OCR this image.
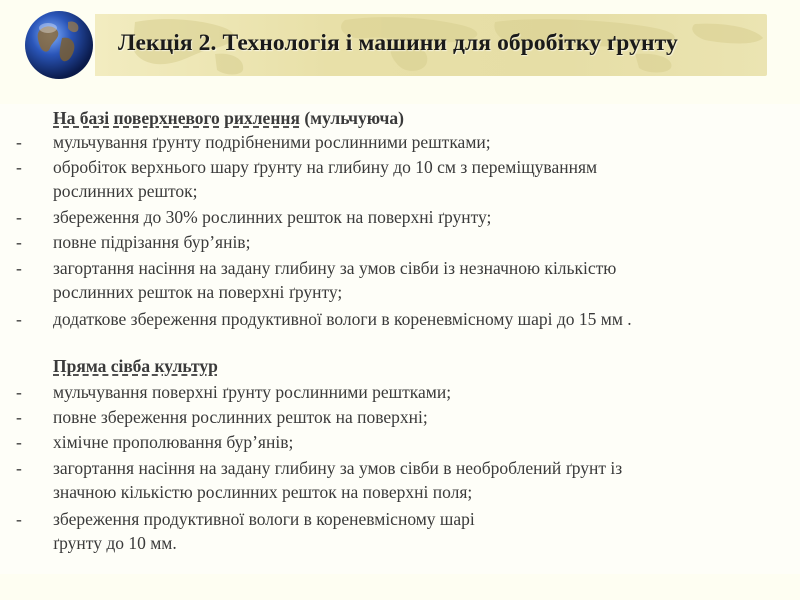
Лекція 2. Технологія і машини для обробітку ґрунту
На базі поверхневого рихлення (мульчуюча)
- мульчування ґрунту подрібненими рослинними рештками;
- обробіток верхнього шару ґрунту на глибину до 10 см з переміщуванням
рослинних решток;
- збереження до 30% рослинних решток на поверхні ґрунту;
- повне підрізання бур’янів;
- загортання насіння на задану глибину за умов сівби із незначною кількістю
рослинних решток на поверхні ґрунту;
- додаткове збереження продуктивної вологи в кореневмісному шарі до 15 мм .
Пряма сівба культур
- мульчування поверхні ґрунту рослинними рештками;
- повне збереження рослинних решток на поверхні;
- хімічне прополювання бур’янів;
- загортання насіння на задану глибину за умов сівби в необроблений ґрунт із
значною кількістю рослинних решток на поверхні поля;
- збереження продуктивної вологи в кореневмісному шарі
ґрунту до 10 мм.
